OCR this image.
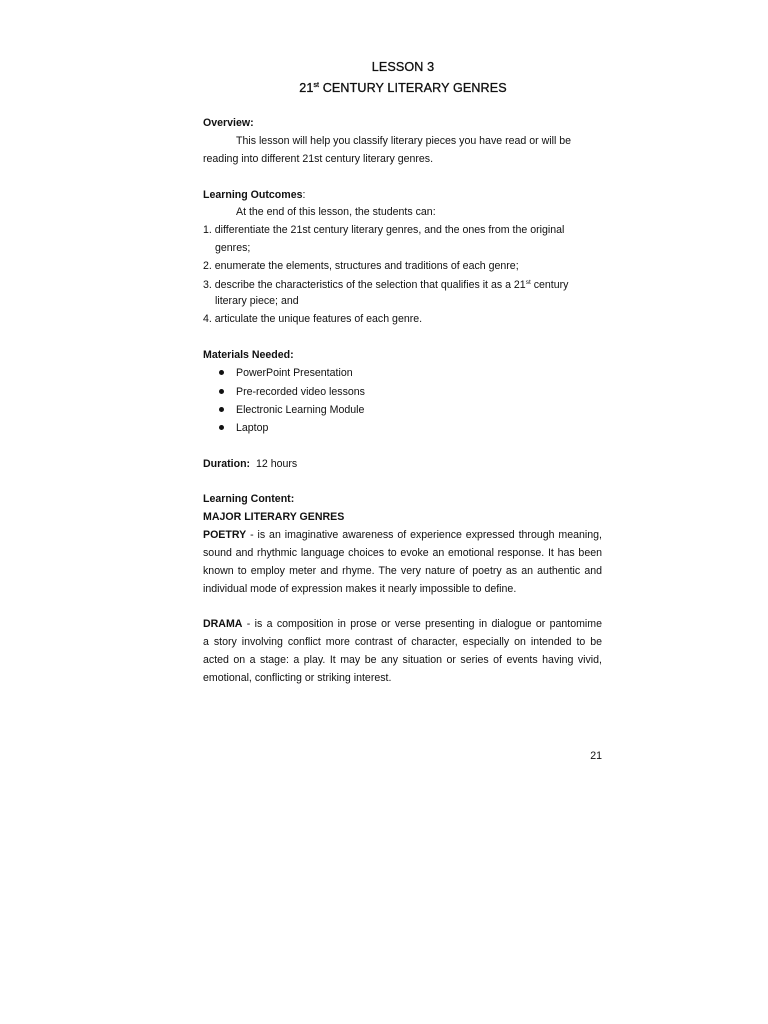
LESSON 3
21st CENTURY LITERARY GENRES
Overview:
This lesson will help you classify literary pieces you have read or will be
reading into different 21st century literary genres.
Learning Outcomes:
At the end of this lesson, the students can:
1. differentiate the 21st century literary genres, and the ones from the original
genres;
2. enumerate the elements, structures and traditions of each genre;
3. describe the characteristics of the selection that qualifies it as a 21st century
literary piece; and
4. articulate the unique features of each genre.
Materials Needed:
PowerPoint Presentation
Pre-recorded video lessons
Electronic Learning Module
Laptop
Duration: 12 hours
Learning Content:
MAJOR LITERARY GENRES
POETRY - is an imaginative awareness of experience expressed through meaning,
sound and rhythmic language choices to evoke an emotional response. It has been
known to employ meter and rhyme. The very nature of poetry as an authentic and
individual mode of expression makes it nearly impossible to define.
DRAMA - is a composition in prose or verse presenting in dialogue or pantomime
a story involving conflict more contrast of character, especially on intended to be
acted on a stage: a play. It may be any situation or series of events having vivid,
emotional, conflicting or striking interest.
21
